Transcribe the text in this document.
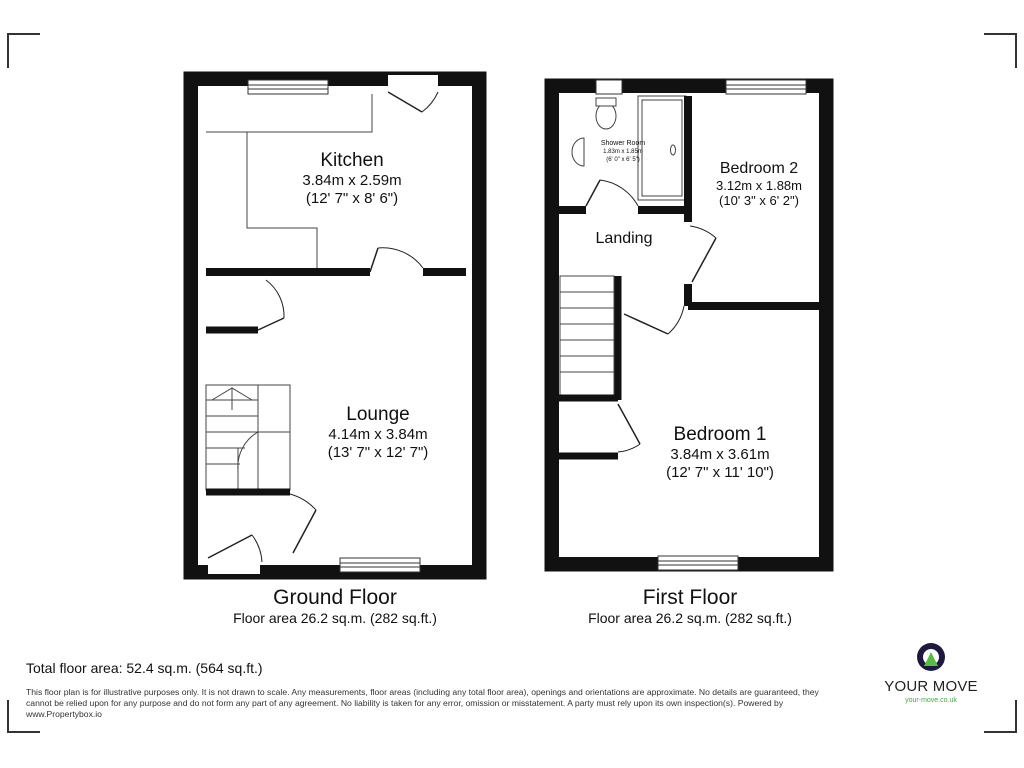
Kitchen
3.84m x 2.59m
(12' 7" x 8' 6")
Lounge
4.14m x 3.84m
(13' 7" x 12' 7")
Shower Room
1.83m x 1.85m
(6' 0" x 6' 5")	Bedroom 2
3.12m x 1.88m
(10' 3" x 6' 2")
Landing
Bedroom 1
3.84m x 3.61m
(12' 7" x 11' 10")
Ground Floor
Floor area 26.2 sq.m. (282 sq.ft.)
First Floor
Floor area 26.2 sq.m. (282 sq.ft.)
Total floor area: 52.4 sq.m. (564 sq.ft.)
This floor plan is for illustrative purposes only. It is not drawn to scale. Any measurements, floor areas (including any total floor area), openings and orientations are approximate. No details are guaranteed, they cannot be relied upon for any purpose and do not form any part of any agreement. No liability is taken for any error, omission or misstatement. A party must rely upon its own inspection(s). Powered by www.Propertybox.io
YOUR MOVE
your-move.co.uk
